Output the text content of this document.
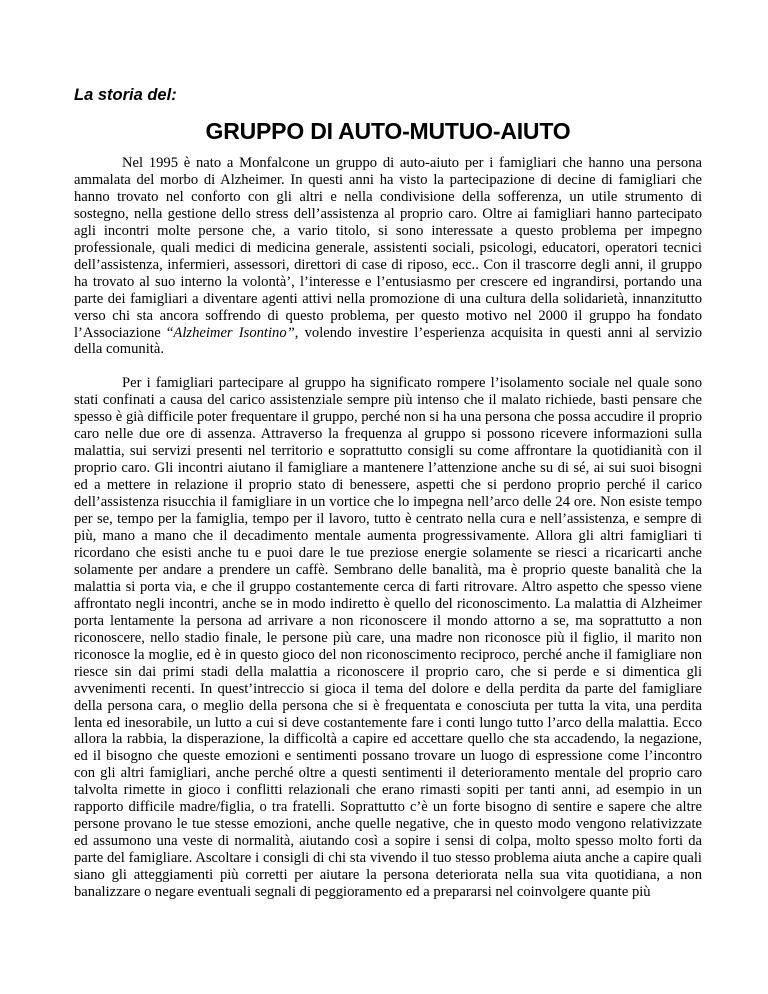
La storia del:

GRUPPO DI AUTO-MUTUO-AIUTO

Nel 1995 è nato a Monfalcone un gruppo di auto-aiuto per i famigliari che hanno una persona ammalata del morbo di Alzheimer. In questi anni ha visto la partecipazione di decine di famigliari che hanno trovato nel conforto con gli altri e nella condivisione della sofferenza, un utile strumento di sostegno, nella gestione dello stress dell’assistenza al proprio caro. Oltre ai famigliari hanno partecipato agli incontri molte persone che, a vario titolo, si sono interessate a questo problema per impegno professionale, quali medici di medicina generale, assistenti sociali, psicologi, educatori, operatori tecnici dell’assistenza, infermieri, assessori, direttori di case di riposo, ecc.. Con il trascorre degli anni, il gruppo ha trovato al suo interno la volontà’, l’interesse e l’entusiasmo per crescere ed ingrandirsi, portando una parte dei famigliari a diventare agenti attivi nella promozione di una cultura della solidarietà, innanzitutto verso chi sta ancora soffrendo di questo problema, per questo motivo nel 2000 il gruppo ha fondato l’Associazione “Alzheimer Isontino”, volendo investire l’esperienza acquisita in questi anni al servizio della comunità.

Per i famigliari partecipare al gruppo ha significato rompere l’isolamento sociale nel quale sono stati confinati a causa del carico assistenziale sempre più intenso che il malato richiede, basti pensare che spesso è già difficile poter frequentare il gruppo, perché non si ha una persona che possa accudire il proprio caro nelle due ore di assenza. Attraverso la frequenza al gruppo si possono ricevere informazioni sulla malattia, sui servizi presenti nel territorio e soprattutto consigli su come affrontare la quotidianità con il proprio caro. Gli incontri aiutano il famigliare a mantenere l’attenzione anche su di sé, ai sui suoi bisogni ed a mettere in relazione il proprio stato di benessere, aspetti che si perdono proprio perché il carico dell’assistenza risucchia il famigliare in un vortice che lo impegna nell’arco delle 24 ore. Non esiste tempo per se, tempo per la famiglia, tempo per il lavoro, tutto è centrato nella cura e nell’assistenza, e sempre di più, mano a mano che il decadimento mentale aumenta progressivamente. Allora gli altri famigliari ti ricordano che esisti anche tu e puoi dare le tue preziose energie solamente se riesci a ricaricarti anche solamente per andare a prendere un caffè. Sembrano delle banalità, ma è proprio queste banalità che la malattia si porta via, e che il gruppo costantemente cerca di farti ritrovare. Altro aspetto che spesso viene affrontato negli incontri, anche se in modo indiretto è quello del riconoscimento. La malattia di Alzheimer porta lentamente la persona ad arrivare a non riconoscere il mondo attorno a se, ma soprattutto a non riconoscere, nello stadio finale, le persone più care, una madre non riconosce più il figlio, il marito non riconosce la moglie, ed è in questo gioco del non riconoscimento reciproco, perché anche il famigliare non riesce sin dai primi stadi della malattia a riconoscere il proprio caro, che si perde e si dimentica gli avvenimenti recenti. In quest’intreccio si gioca il tema del dolore e della perdita da parte del famigliare della persona cara, o meglio della persona che si è frequentata e conosciuta per tutta la vita, una perdita lenta ed inesorabile, un lutto a cui si deve costantemente fare i conti lungo tutto l’arco della malattia. Ecco allora la rabbia, la disperazione, la difficoltà a capire ed accettare quello che sta accadendo, la negazione, ed il bisogno che queste emozioni e sentimenti possano trovare un luogo di espressione come l’incontro con gli altri famigliari, anche perché oltre a questi sentimenti il deterioramento mentale del proprio caro talvolta rimette in gioco i conflitti relazionali che erano rimasti sopiti per tanti anni, ad esempio in un rapporto difficile madre/figlia, o tra fratelli. Soprattutto c’è un forte bisogno di sentire e sapere che altre persone provano le tue stesse emozioni, anche quelle negative, che in questo modo vengono relativizzate ed assumono una veste di normalità, aiutando così a sopire i sensi di colpa, molto spesso molto forti da parte del famigliare. Ascoltare i consigli di chi sta vivendo il tuo stesso problema aiuta anche a capire quali siano gli atteggiamenti più corretti per aiutare la persona deteriorata nella sua vita quotidiana, a non banalizzare o negare eventuali segnali di peggioramento ed a prepararsi nel coinvolgere quante più
